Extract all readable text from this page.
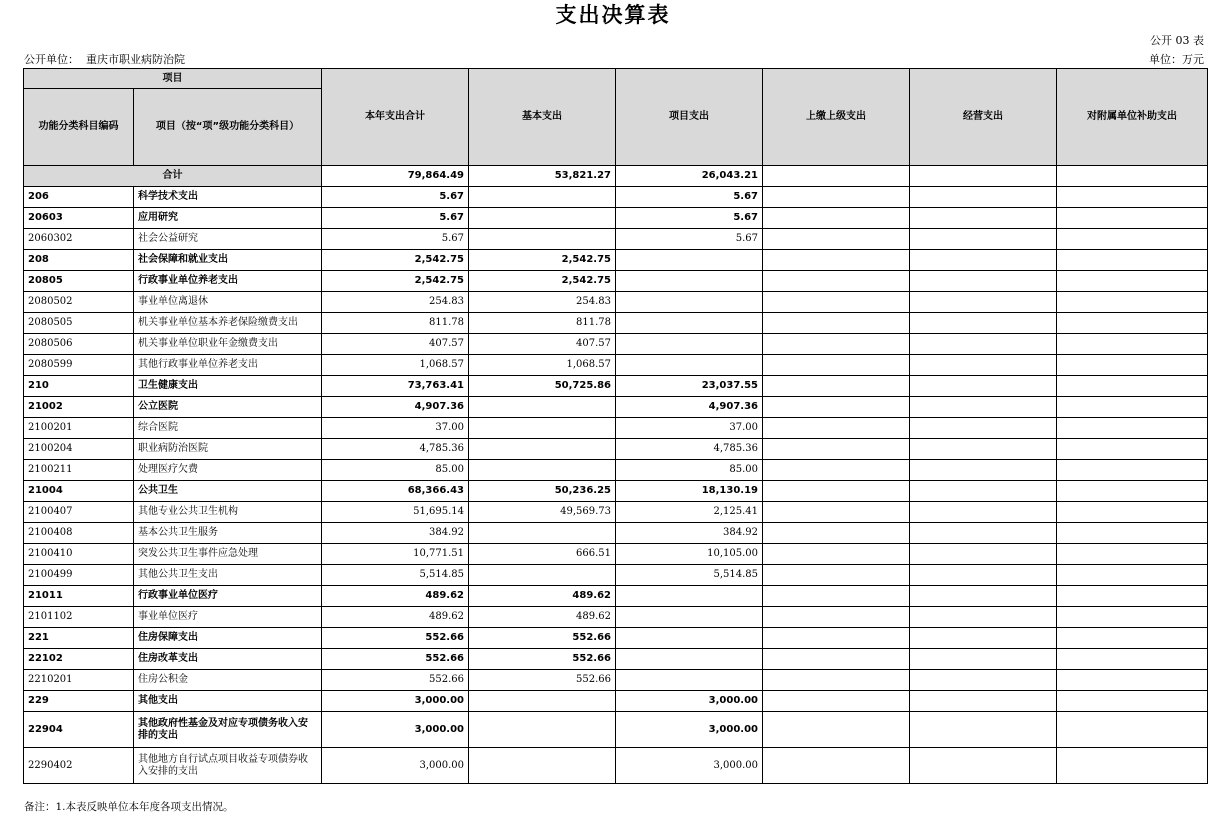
支出决算表
公开 03 表
公开单位： 重庆市职业病防治院	单位：万元
项目		本年支出合计	基本支出	项目支出	上缴上级支出	经营支出	对附属单位补助支出
功能分类科目编码	项目（按“项”级功能分类科目）						
合计		79,864.49	53,821.27	26,043.21			
206	科学技术支出	5.67		5.67			
20603	应用研究	5.67		5.67			
2060302	社会公益研究	5.67		5.67			
208	社会保障和就业支出	2,542.75	2,542.75				
20805	行政事业单位养老支出	2,542.75	2,542.75				
2080502	事业单位离退休	254.83	254.83				
2080505	机关事业单位基本养老保险缴费支出	811.78	811.78				
2080506	机关事业单位职业年金缴费支出	407.57	407.57				
2080599	其他行政事业单位养老支出	1,068.57	1,068.57				
210	卫生健康支出	73,763.41	50,725.86	23,037.55			
21002	公立医院	4,907.36		4,907.36			
2100201	综合医院	37.00		37.00			
2100204	职业病防治医院	4,785.36		4,785.36			
2100211	处理医疗欠费	85.00		85.00			
21004	公共卫生	68,366.43	50,236.25	18,130.19			
2100407	其他专业公共卫生机构	51,695.14	49,569.73	2,125.41			
2100408	基本公共卫生服务	384.92		384.92			
2100410	突发公共卫生事件应急处理	10,771.51	666.51	10,105.00			
2100499	其他公共卫生支出	5,514.85		5,514.85			
21011	行政事业单位医疗	489.62	489.62				
2101102	事业单位医疗	489.62	489.62				
221	住房保障支出	552.66	552.66				
22102	住房改革支出	552.66	552.66				
2210201	住房公积金	552.66	552.66				
229	其他支出	3,000.00		3,000.00			
22904	其他政府性基金及对应专项债务收入安排的支出	3,000.00		3,000.00			
2290402	其他地方自行试点项目收益专项债券收入安排的支出	3,000.00		3,000.00			
备注：1.本表反映单位本年度各项支出情况。
